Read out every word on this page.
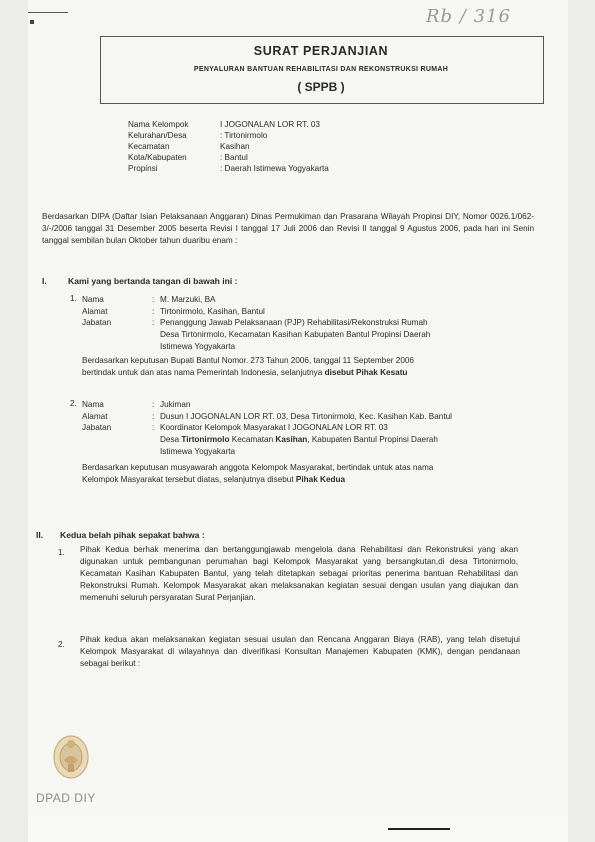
Rb / 316
SURAT PERJANJIAN
PENYALURAN BANTUAN REHABILITASI DAN REKONSTRUKSI RUMAH
( SPPB )
Nama Kelompok	I JOGONALAN LOR RT. 03
Kelurahan/Desa	: Tirtonirmolo
Kecamatan	Kasihan
Kota/Kabupaten	: Bantul
Propinsi	: Daerah Istimewa Yogyakarta
Berdasarkan DIPA (Daftar Isian Pelaksanaan Anggaran) Dinas Permukiman dan Prasarana Wilayah Propinsi DIY, Nomor 0026.1/062-3/-/2006 tanggal 31 Desember 2005 beserta Revisi I tanggal 17 Juli 2006 dan Revisi II tanggal 9 Agustus 2006, pada hari ini Senin tanggal sembilan bulan Oktober tahun duaribu enam :
I. Kami yang bertanda tangan di bawah ini :
1. Nama	: M. Marzuki, BA
Alamat	: Tirtonirmolo, Kasihan, Bantul
Jabatan	: Penanggung Jawab Pelaksanaan (PJP) Rehabilitasi/Rekonstruksi Rumah
Desa Tirtonirmolo, Kecamatan Kasihan Kabupaten Bantul Propinsi Daerah
Istimewa Yogyakarta
Berdasarkan keputusan Bupati Bantul Nomor. 273 Tahun 2006, tanggal 11 September 2006
bertindak untuk dan atas nama Pemerintah Indonesia, selanjutnya disebut Pihak Kesatu
2. Nama	: Jukiman
Alamat	: Dusun I JOGONALAN LOR RT. 03, Desa Tirtonirmolo, Kec. Kasihan Kab. Bantul
Jabatan	: Koordinator Kelompok Masyarakat I JOGONALAN LOR RT. 03
Desa Tirtonirmolo Kecamatan Kasihan, Kabupaten Bantul Propinsi Daerah
Istimewa Yogyakarta
Berdasarkan keputusan musyawarah anggota Kelompok Masyarakat, bertindak untuk atas nama
Kelompok Masyarakat tersebut diatas, selanjutnya disebut Pihak Kedua
II. Kedua belah pihak sepakat bahwa :
1. Pihak Kedua berhak menerima dan bertanggungjawab mengelola dana Rehabilitasi dan Rekonstruksi yang akan digunakan untuk pembangunan perumahan bagi Kelompok Masyarakat yang bersangkutan,di desa Tirtonirmolo, Kecamatan Kasihan Kabupaten Bantul, yang telah ditetapkan sebagai prioritas penerima bantuan Rehabilitasi dan Rekonstruksi Rumah. Kelompok Masyarakat akan melaksanakan kegiatan sesuai dengan usulan yang diajukan dan memenuhi seluruh persyaratan Surat Perjanjian.
2.
Pihak kedua akan melaksanakan kegiatan sesuai usulan dan Rencana Anggaran Biaya (RAB), yang telah disetujui Kelompok Masyarakat di wilayahnya dan diverifikasi Konsultan Manajemen Kabupaten (KMK), dengan pendanaan sebagai berikut :
DPAD DIY
